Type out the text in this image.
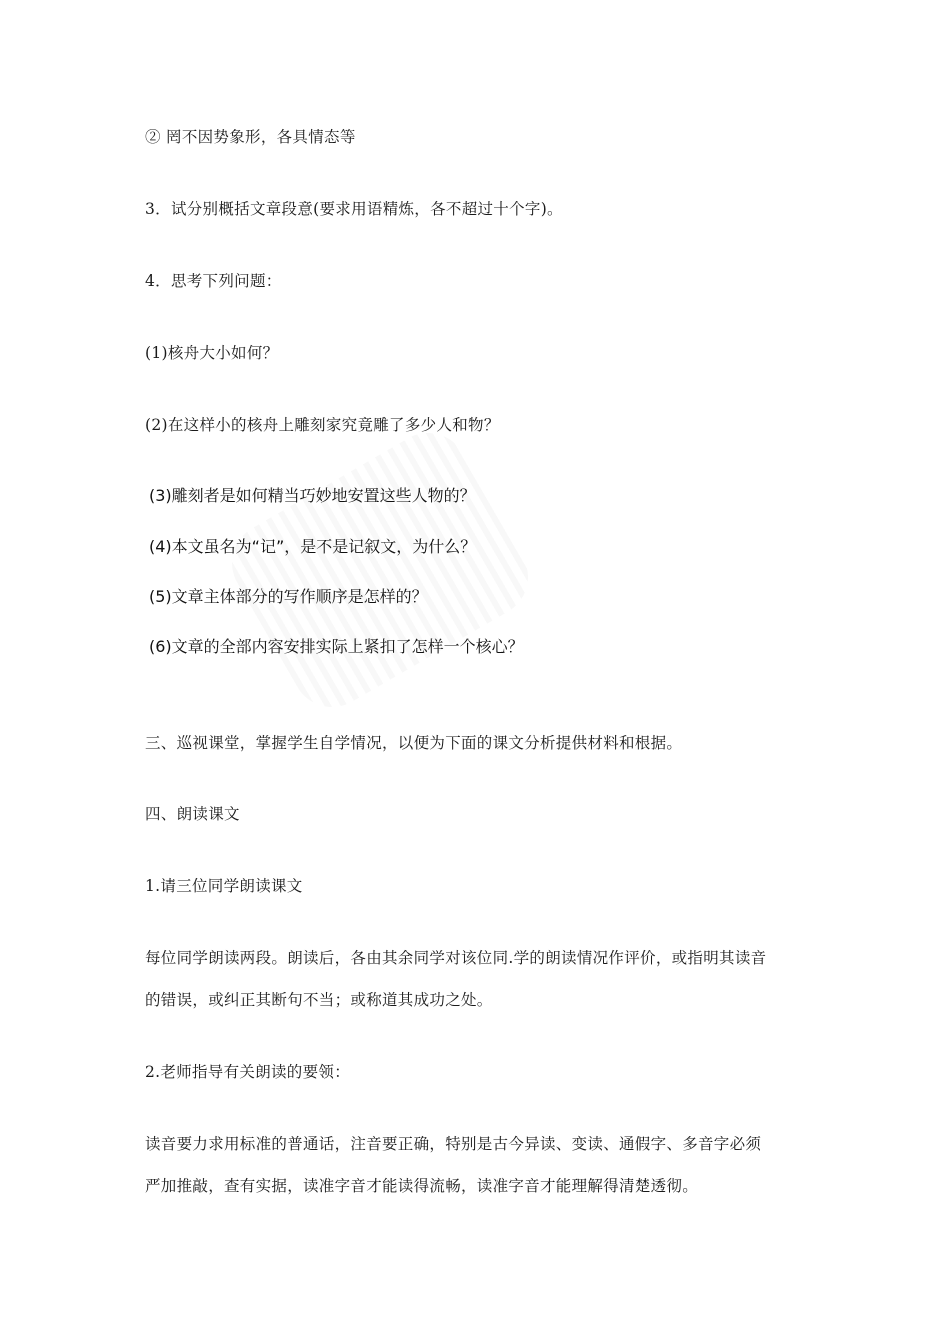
② 罔不因势象形，各具情态等
3．试分别概括文章段意(要求用语精炼，各不超过十个字)。
4．思考下列问题：
(1)核舟大小如何？
(2)在这样小的核舟上雕刻家究竟雕了多少人和物？
(3)雕刻者是如何精当巧妙地安置这些人物的？
(4)本文虽名为“记”，是不是记叙文，为什么？
(5)文章主体部分的写作顺序是怎样的？
(6)文章的全部内容安排实际上紧扣了怎样一个核心？
三、巡视课堂，掌握学生自学情况，以便为下面的课文分析提供材料和根据。
四、朗读课文
1.请三位同学朗读课文
每位同学朗读两段。朗读后，各由其余同学对该位同.学的朗读情况作评价，或指明其读音
的错误，或纠正其断句不当；或称道其成功之处。
2.老师指导有关朗读的要领：
读音要力求用标准的普通话，注音要正确，特别是古今异读、变读、通假字、多音字必须
严加推敲，查有实据，读准字音才能读得流畅，读准字音才能理解得清楚透彻。
